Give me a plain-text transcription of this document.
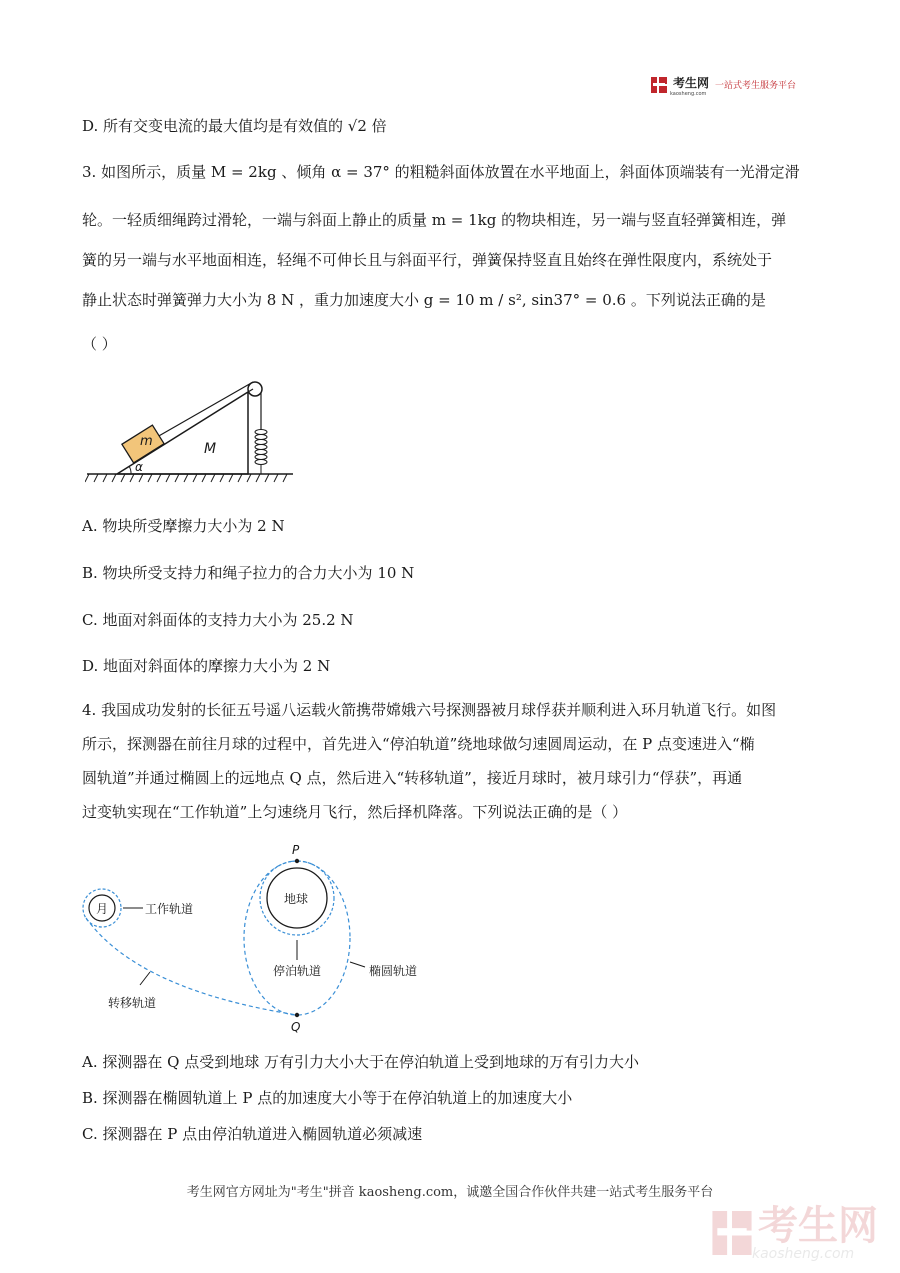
考生网
kaosheng.com
一站式考生服务平台
D. 所有交变电流的最大值均是有效值的 √2 倍
3. 如图所示，质量 M = 2kg 、倾角 α = 37° 的粗糙斜面体放置在水平地面上，斜面体顶端装有一光滑定滑
轮。一轻质细绳跨过滑轮，一端与斜面上静止的质量 m = 1kg 的物块相连，另一端与竖直轻弹簧相连，弹
簧的另一端与水平地面相连，轻绳不可伸长且与斜面平行，弹簧保持竖直且始终在弹性限度内，系统处于
静止状态时弹簧弹力大小为 8 N ，重力加速度大小 g = 10 m / s², sin37° = 0.6 。下列说法正确的是
（ ）
m	M
α
A. 物块所受摩擦力大小为 2 N
B. 物块所受支持力和绳子拉力的合力大小为 10 N
C. 地面对斜面体的支持力大小为 25.2 N
D. 地面对斜面体的摩擦力大小为 2 N
4. 我国成功发射的长征五号遥八运载火箭携带嫦娥六号探测器被月球俘获并顺利进入环月轨道飞行。如图
所示，探测器在前往月球的过程中，首先进入“停泊轨道”绕地球做匀速圆周运动，在 P 点变速进入“椭
圆轨道”并通过椭圆上的远地点 Q 点，然后进入“转移轨道”，接近月球时，被月球引力“俘获”，再通
过变轨实现在“工作轨道”上匀速绕月飞行，然后择机降落。下列说法正确的是（ ）
月	工作轨道
转移轨道
地球
停泊轨道	椭圆轨道
P
Q
A. 探测器在 Q 点受到地球 万有引力大小大于在停泊轨道上受到地球的万有引力大小
B. 探测器在椭圆轨道上 P 点的加速度大小等于在停泊轨道上的加速度大小
C. 探测器在 P 点由停泊轨道进入椭圆轨道必须减速
考生网官方网址为"考生"拼音 kaosheng.com，诚邀全国合作伙伴共建一站式考生服务平台
考生网
kaosheng.com
